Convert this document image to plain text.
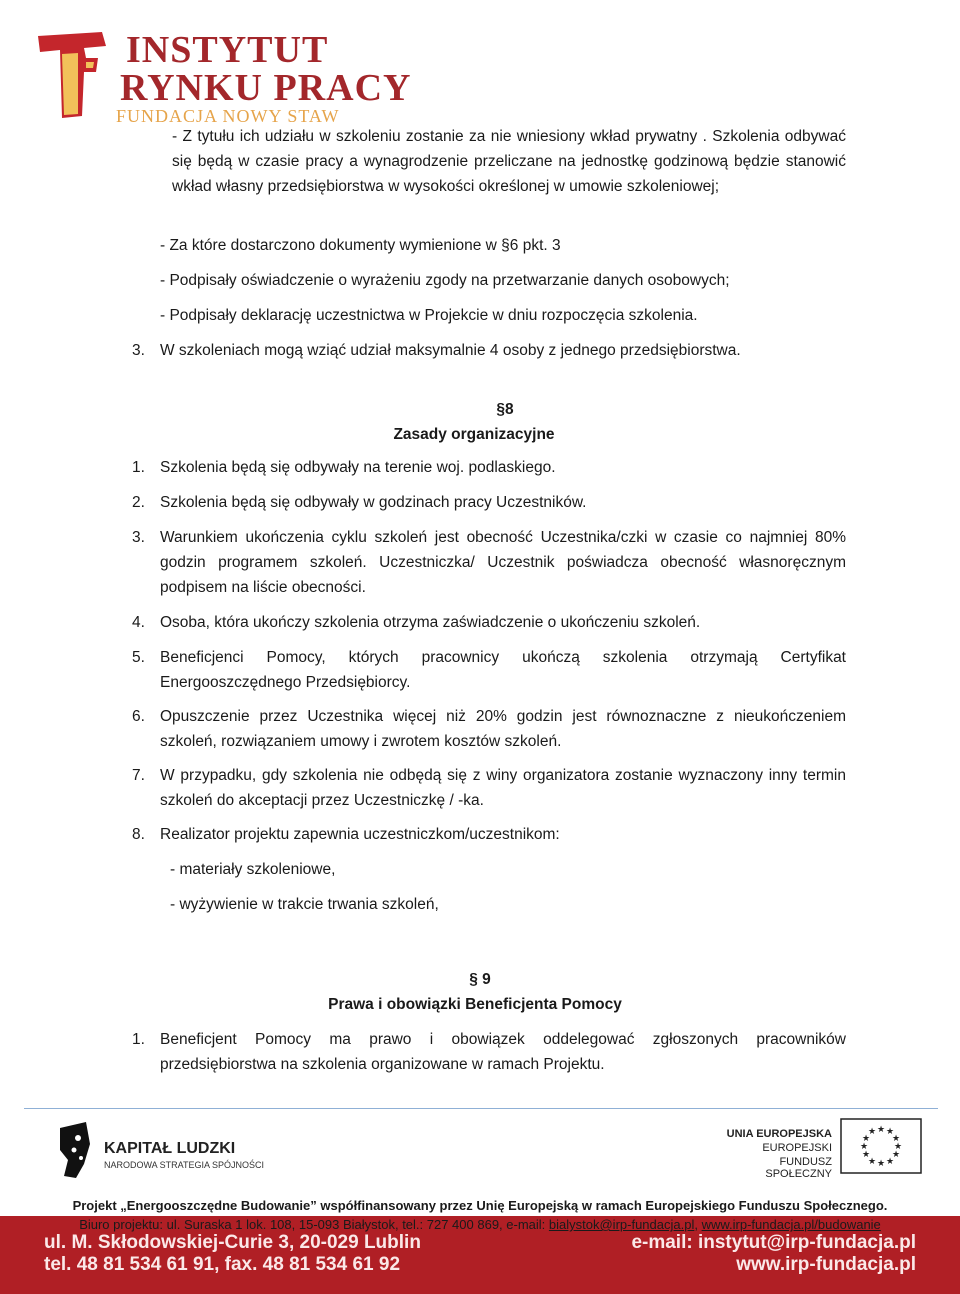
INSTYTUT
RYNKU PRACY
FUNDACJA NOWY STAW
- Z tytułu ich udziału w szkoleniu zostanie za nie wniesiony wkład prywatny . Szkolenia odbywać się będą w czasie pracy a wynagrodzenie przeliczane na jednostkę godzinową będzie stanowić wkład własny przedsiębiorstwa w wysokości określonej w umowie szkoleniowej;
- Za które dostarczono dokumenty wymienione w §6 pkt. 3
- Podpisały oświadczenie o wyrażeniu zgody na przetwarzanie danych osobowych;
- Podpisały deklarację uczestnictwa w Projekcie w dniu rozpoczęcia szkolenia.
3. W szkoleniach mogą wziąć udział maksymalnie 4 osoby z jednego przedsiębiorstwa.
§8
Zasady organizacyjne
1. Szkolenia będą się odbywały na terenie woj. podlaskiego.
2. Szkolenia będą się odbywały w godzinach pracy Uczestników.
3. Warunkiem ukończenia cyklu szkoleń jest obecność Uczestnika/czki w czasie co najmniej 80% godzin programem szkoleń. Uczestniczka/ Uczestnik poświadcza obecność własnoręcznym podpisem na liście obecności.
4. Osoba, która ukończy szkolenia otrzyma zaświadczenie o ukończeniu szkoleń.
5. Beneficjenci Pomocy, których pracownicy ukończą szkolenia otrzymają Certyfikat Energooszczędnego Przedsiębiorcy.
6. Opuszczenie przez Uczestnika więcej niż 20% godzin jest równoznaczne z nieukończeniem szkoleń, rozwiązaniem umowy i zwrotem kosztów szkoleń.
7. W przypadku, gdy szkolenia nie odbędą się z winy organizatora zostanie wyznaczony inny termin szkoleń do akceptacji przez Uczestniczkę / -ka.
8. Realizator projektu zapewnia uczestniczkom/uczestnikom:
- materiały szkoleniowe,
- wyżywienie w trakcie trwania szkoleń,
§ 9
Prawa i obowiązki Beneficjenta Pomocy
1. Beneficjent Pomocy ma prawo i obowiązek oddelegować zgłoszonych pracowników przedsiębiorstwa na szkolenia organizowane w ramach Projektu.
KAPITAŁ LUDZKI
NARODOWA STRATEGIA SPÓJNOŚCI
UNIA EUROPEJSKA
EUROPEJSKI
FUNDUSZ SPOŁECZNY
★ ★
★
★
★
★
★
★
★
★
★
★
Projekt „Energooszczędne Budowanie” współfinansowany przez Unię Europejską w ramach Europejskiego Funduszu Społecznego.
Biuro projektu: ul. Suraska 1 lok. 108, 15-093 Białystok, tel.: 727 400 869, e-mail: bialystok@irp-fundacja.pl, www.irp-fundacja.pl/budowanie
ul. M. Skłodowskiej-Curie 3, 20-029 Lublin
tel. 48 81 534 61 91, fax. 48 81 534 61 92
e-mail: instytut@irp-fundacja.pl
www.irp-fundacja.pl
